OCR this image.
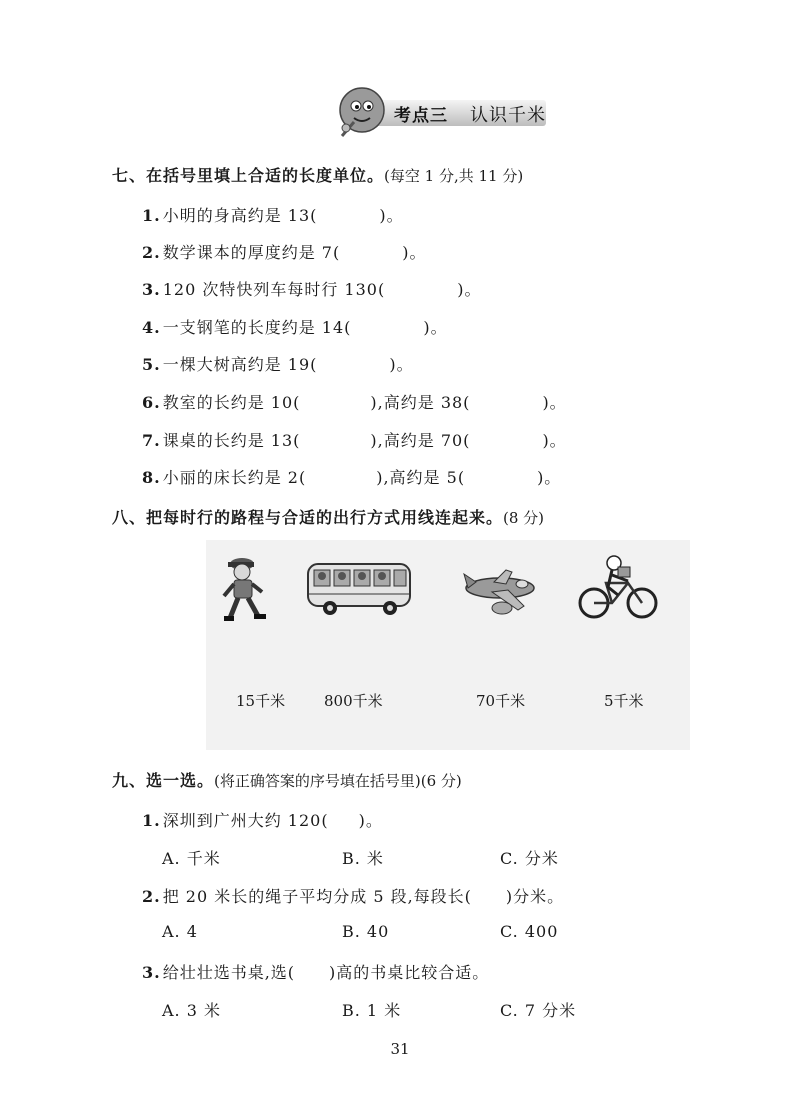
考点三 认识千米
七、在括号里填上合适的长度单位。(每空 1 分,共 11 分)
1. 小明的身高约是 13(	)。
2. 数学课本的厚度约是 7(	)。
3. 120 次特快列车每时行 130(	)。
4. 一支钢笔的长度约是 14(	)。
5. 一棵大树高约是 19(	)。
6. 教室的长约是 10(	),高约是 38(	)。
7. 课桌的长约是 13(	),高约是 70(	)。
8. 小丽的床长约是 2(	),高约是 5(	)。
八、把每时行的路程与合适的出行方式用线连起来。(8 分)
15千米	800千米	70千米	5千米
九、选一选。(将正确答案的序号填在括号里)(6 分)
1. 深圳到广州大约 120( )。
A. 千米	B. 米	C. 分米
2. 把 20 米长的绳子平均分成 5 段,每段长( )分米。
A. 4	B. 40	C. 400
3. 给壮壮选书桌,选( )高的书桌比较合适。
A. 3 米	B. 1 米	C. 7 分米
31
